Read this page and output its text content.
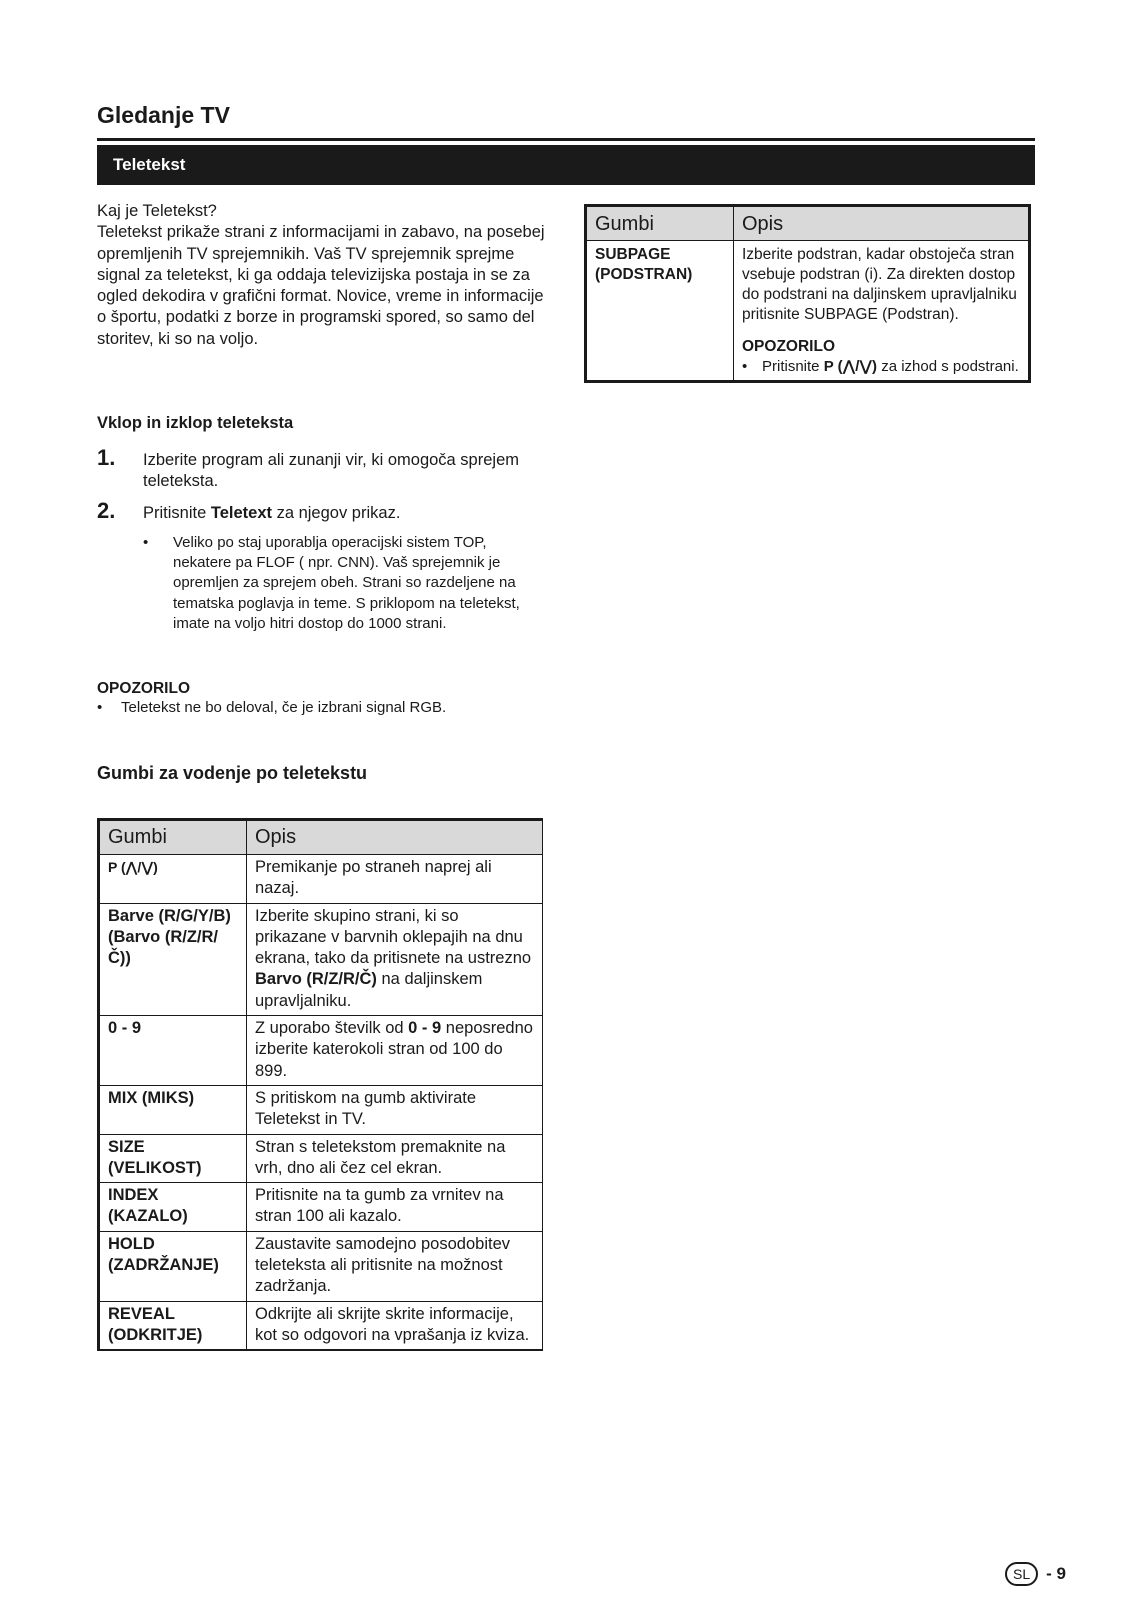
Gledanje TV
Teletekst

Kaj je Teletekst?

Teletekst prikaže strani z informacijami in zabavo, na posebej opremljenih TV sprejemnikih. Vaš TV sprejemnik sprejme signal za teletekst, ki ga oddaja televizijska postaja in se za ogled dekodira v grafični format. Novice, vreme in informacije o športu, podatki z borze in programski spored, so samo del storitev, ki so na voljo.

Vklop in izklop teleteksta
1. Izberite program ali zunanji vir, ki omogoča sprejem teleteksta.
2. Pritisnite Teletext za njegov prikaz.
• Veliko po staj uporablja operacijski sistem TOP, nekatere pa FLOF ( npr. CNN). Vaš sprejemnik je opremljen za sprejem obeh. Strani so razdeljene na tematska poglavja in teme. S priklopom na teletekst, imate na voljo hitri dostop do 1000 strani.
OPOZORILO
• Teletekst ne bo deloval, če je izbrani signal RGB.
Gumbi za vodenje po teletekstu
Gumbi	Opis
P (⋀/⋁)	Premikanje po straneh naprej ali nazaj.
Barve (R/G/Y/B) (Barvo (R/Z/R/Č))	Izberite skupino strani, ki so prikazane v barvnih oklepajih na dnu ekrana, tako da pritisnete na ustrezno Barvo (R/Z/R/Č) na daljinskem upravljalniku.
0 - 9	Z uporabo številk od 0 - 9 neposredno izberite katerokoli stran od 100 do 899.
MIX (MIKS)	S pritiskom na gumb aktivirate Teletekst in TV.
SIZE (VELIKOST)	Stran s teletekstom premaknite na vrh, dno ali čez cel ekran.
INDEX (KAZALO)	Pritisnite na ta gumb za vrnitev na stran 100 ali kazalo.
HOLD (ZADRŽANJE)	Zaustavite samodejno posodobitev teleteksta ali pritisnite na možnost zadržanja.
REVEAL (ODKRITJE)	Odkrijte ali skrijte skrite informacije, kot so odgovori na vprašanja iz kviza.
Gumbi	Opis
SUBPAGE (PODSTRAN)	Izberite podstran, kadar obstoječa stran vsebuje podstran (i). Za direkten dostop do podstrani na daljinskem upravljalniku pritisnite SUBPAGE (Podstran).
OPOZORILO
• Pritisnite P (⋀/⋁) za izhod s podstrani.
SL - 9
